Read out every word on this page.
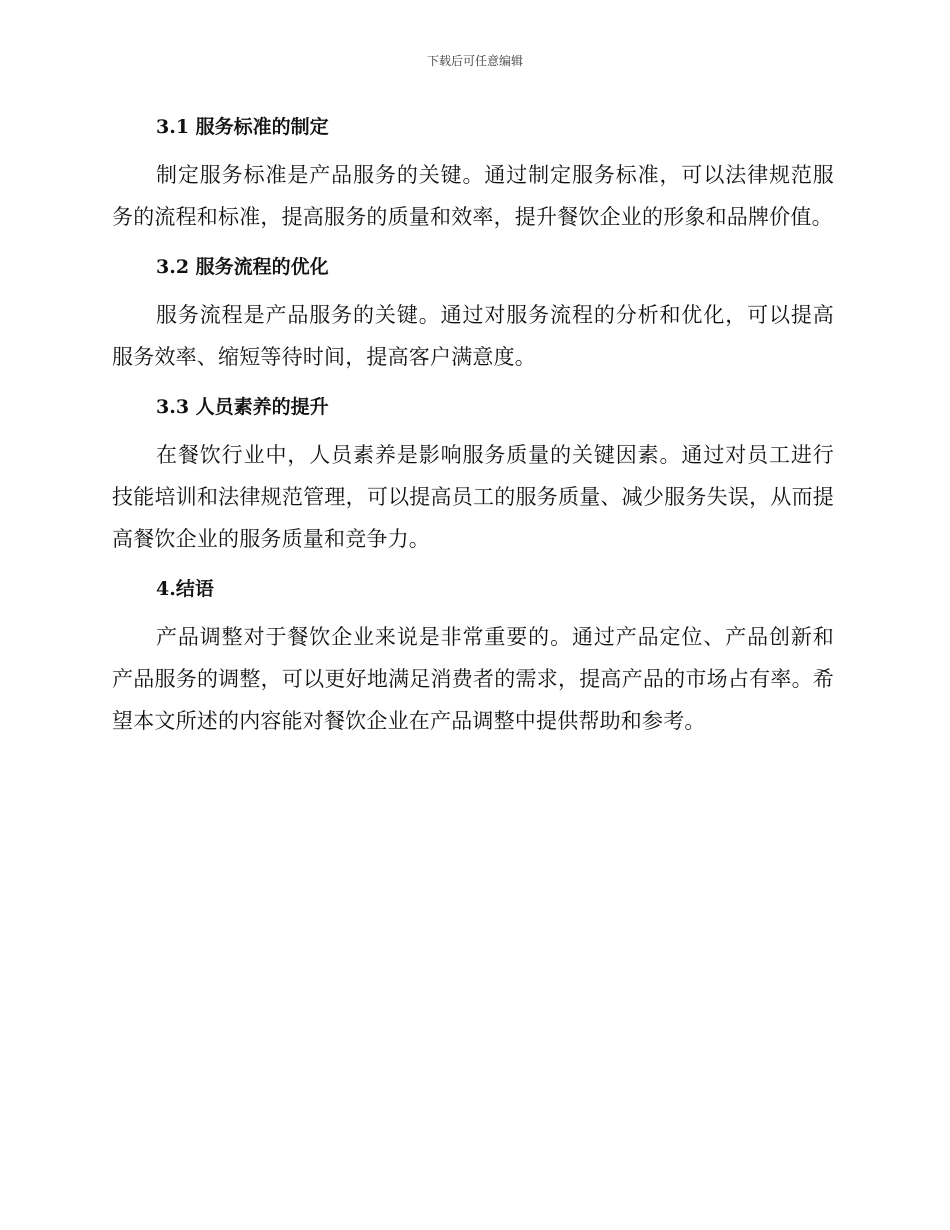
下载后可任意编辑
3.1 服务标准的制定

制定服务标准是产品服务的关键。通过制定服务标准，可以法律规范服务的流程和标准，提高服务的质量和效率，提升餐饮企业的形象和品牌价值。

3.2 服务流程的优化

服务流程是产品服务的关键。通过对服务流程的分析和优化，可以提高服务效率、缩短等待时间，提高客户满意度。

3.3 人员素养的提升

在餐饮行业中，人员素养是影响服务质量的关键因素。通过对员工进行技能培训和法律规范管理，可以提高员工的服务质量、减少服务失误，从而提高餐饮企业的服务质量和竞争力。

4.结语

产品调整对于餐饮企业来说是非常重要的。通过产品定位、产品创新和产品服务的调整，可以更好地满足消费者的需求，提高产品的市场占有率。希望本文所述的内容能对餐饮企业在产品调整中提供帮助和参考。
